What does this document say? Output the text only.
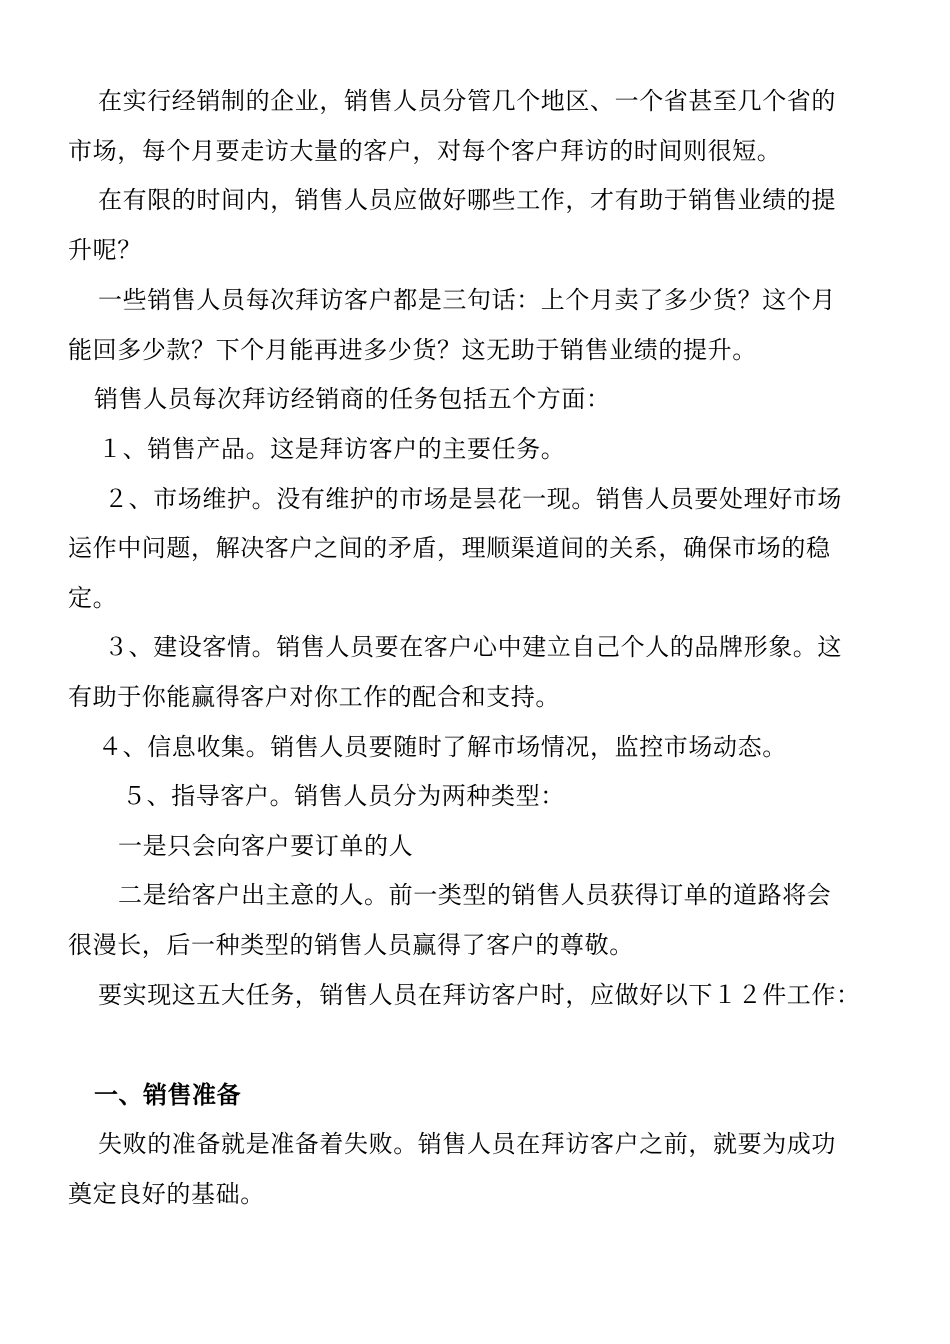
在实行经销制的企业，销售人员分管几个地区、一个省甚至几个省的
市场，每个月要走访大量的客户，对每个客户拜访的时间则很短。
在有限的时间内，销售人员应做好哪些工作，才有助于销售业绩的提
升呢？
一些销售人员每次拜访客户都是三句话：上个月卖了多少货？这个月
能回多少款？下个月能再进多少货？这无助于销售业绩的提升。
销售人员每次拜访经销商的任务包括五个方面：
１、销售产品。这是拜访客户的主要任务。
２、市场维护。没有维护的市场是昙花一现。销售人员要处理好市场
运作中问题，解决客户之间的矛盾，理顺渠道间的关系，确保市场的稳
定。
３、建设客情。销售人员要在客户心中建立自己个人的品牌形象。这
有助于你能赢得客户对你工作的配合和支持。
４、信息收集。销售人员要随时了解市场情况，监控市场动态。
５、指导客户。销售人员分为两种类型：
一是只会向客户要订单的人
二是给客户出主意的人。前一类型的销售人员获得订单的道路将会
很漫长，后一种类型的销售人员赢得了客户的尊敬。
要实现这五大任务，销售人员在拜访客户时，应做好以下１２件工作：
一、销售准备
失败的准备就是准备着失败。销售人员在拜访客户之前，就要为成功
奠定良好的基础。
